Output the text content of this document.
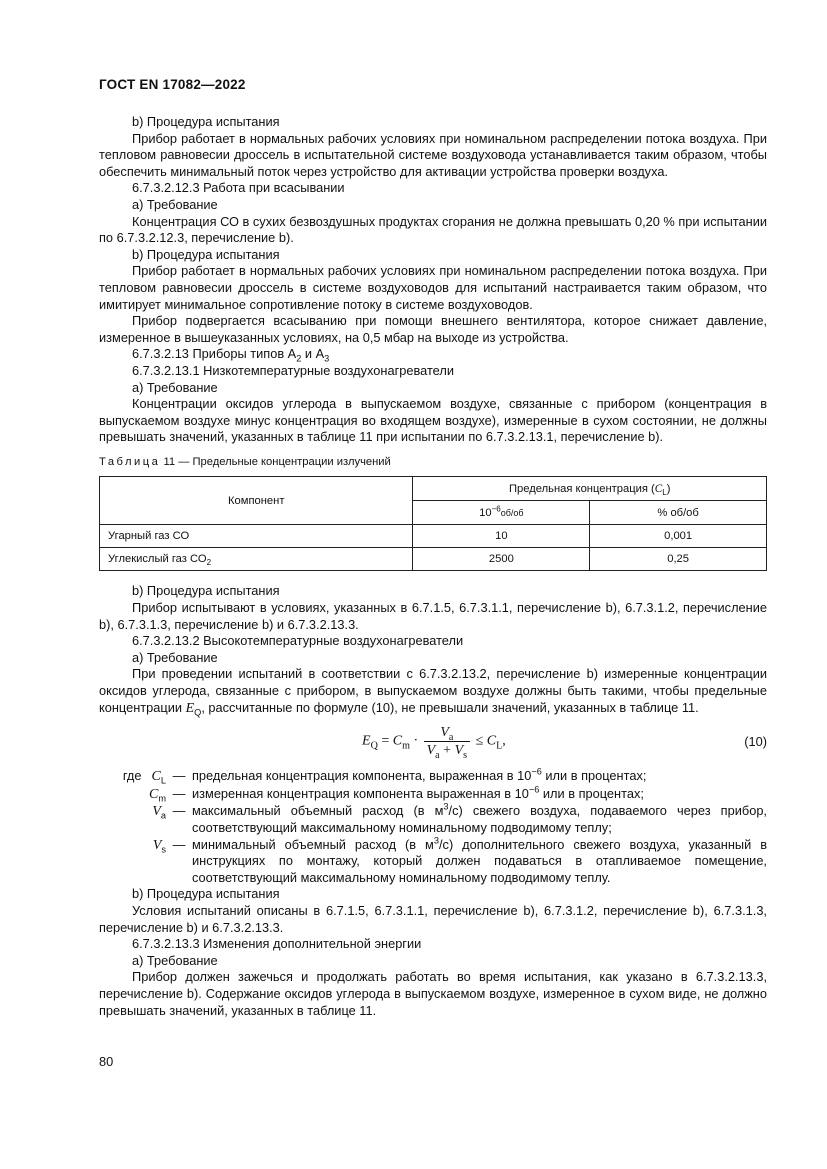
ГОСТ EN 17082—2022

b) Процедура испытания

Прибор работает в нормальных рабочих условиях при номинальном распределении потока воздуха. При тепловом равновесии дроссель в испытательной системе воздуховода устанавливается таким образом, чтобы обеспечить минимальный поток через устройство для активации устройства проверки воздуха.

6.7.3.2.12.3 Работа при всасывании

a) Требование

Концентрация СО в сухих безвоздушных продуктах сгорания не должна превышать 0,20 % при испытании по 6.7.3.2.12.3, перечисление b).

b) Процедура испытания

Прибор работает в нормальных рабочих условиях при номинальном распределении потока воздуха. При тепловом равновесии дроссель в системе воздуховодов для испытаний настраивается таким образом, что имитирует минимальное сопротивление потоку в системе воздуховодов.

Прибор подвергается всасыванию при помощи внешнего вентилятора, которое снижает давление, измеренное в вышеуказанных условиях, на 0,5 мбар на выходе из устройства.

6.7.3.2.13 Приборы типов $A_2$ и $A_3$

6.7.3.2.13.1 Низкотемпературные воздухонагреватели

a) Требование

Концентрации оксидов углерода в выпускаемом воздухе, связанные с прибором (концентрация в выпускаемом воздухе минус концентрация во входящем воздухе), измеренные в сухом состоянии, не должны превышать значений, указанных в таблице 11 при испытании по 6.7.3.2.13.1, перечисление b).

Таблица 11 — Предельные концентрации излучений
Компонент	Предельная концентрация $(C_L)$	
	$10^{-6}об/об$	% об/об
Угарный газ СО	10	0,001
Углекислый газ $СО_2$	2500	0,25

b) Процедура испытания

Прибор испытывают в условиях, указанных в 6.7.1.5, 6.7.3.1.1, перечисление b), 6.7.3.1.2, перечисление b), 6.7.3.1.3, перечисление b) и 6.7.3.2.13.3.

6.7.3.2.13.2 Высокотемпературные воздухонагреватели

a) Требование

При проведении испытаний в соответствии с 6.7.3.2.13.2, перечисление b) измеренные концентрации оксидов углерода, связанные с прибором, в выпускаемом воздухе должны быть такими, чтобы предельные концентрации $E_Q$, рассчитанные по формуле (10), не превышали значений, указанных в таблице 11.

$E_Q = C_m \cdot \frac{V_a}{V_a + V_s} \le C_L$,	(10)
где $C_L$ — предельная концентрация компонента, выраженная в $10^{-6}$ или в процентах;
$C_m$ — измеренная концентрация компонента выраженная в $10^{-6}$ или в процентах;
$V_a$ — максимальный объемный расход (в $м^3/с$) свежего воздуха, подаваемого через прибор, соответствующий максимальному номинальному подводимому теплу;
$V_s$ — минимальный объемный расход (в $м^3/с$) дополнительного свежего воздуха, указанный в инструкциях по монтажу, который должен подаваться в отапливаемое помещение, соответствующий максимальному номинальному подводимому теплу.

b) Процедура испытания

Условия испытаний описаны в 6.7.1.5, 6.7.3.1.1, перечисление b), 6.7.3.1.2, перечисление b), 6.7.3.1.3, перечисление b) и 6.7.3.2.13.3.

6.7.3.2.13.3 Изменения дополнительной энергии

a) Требование

Прибор должен зажечься и продолжать работать во время испытания, как указано в 6.7.3.2.13.3, перечисление b). Содержание оксидов углерода в выпускаемом воздухе, измеренное в сухом виде, не должно превышать значений, указанных в таблице 11.

80
